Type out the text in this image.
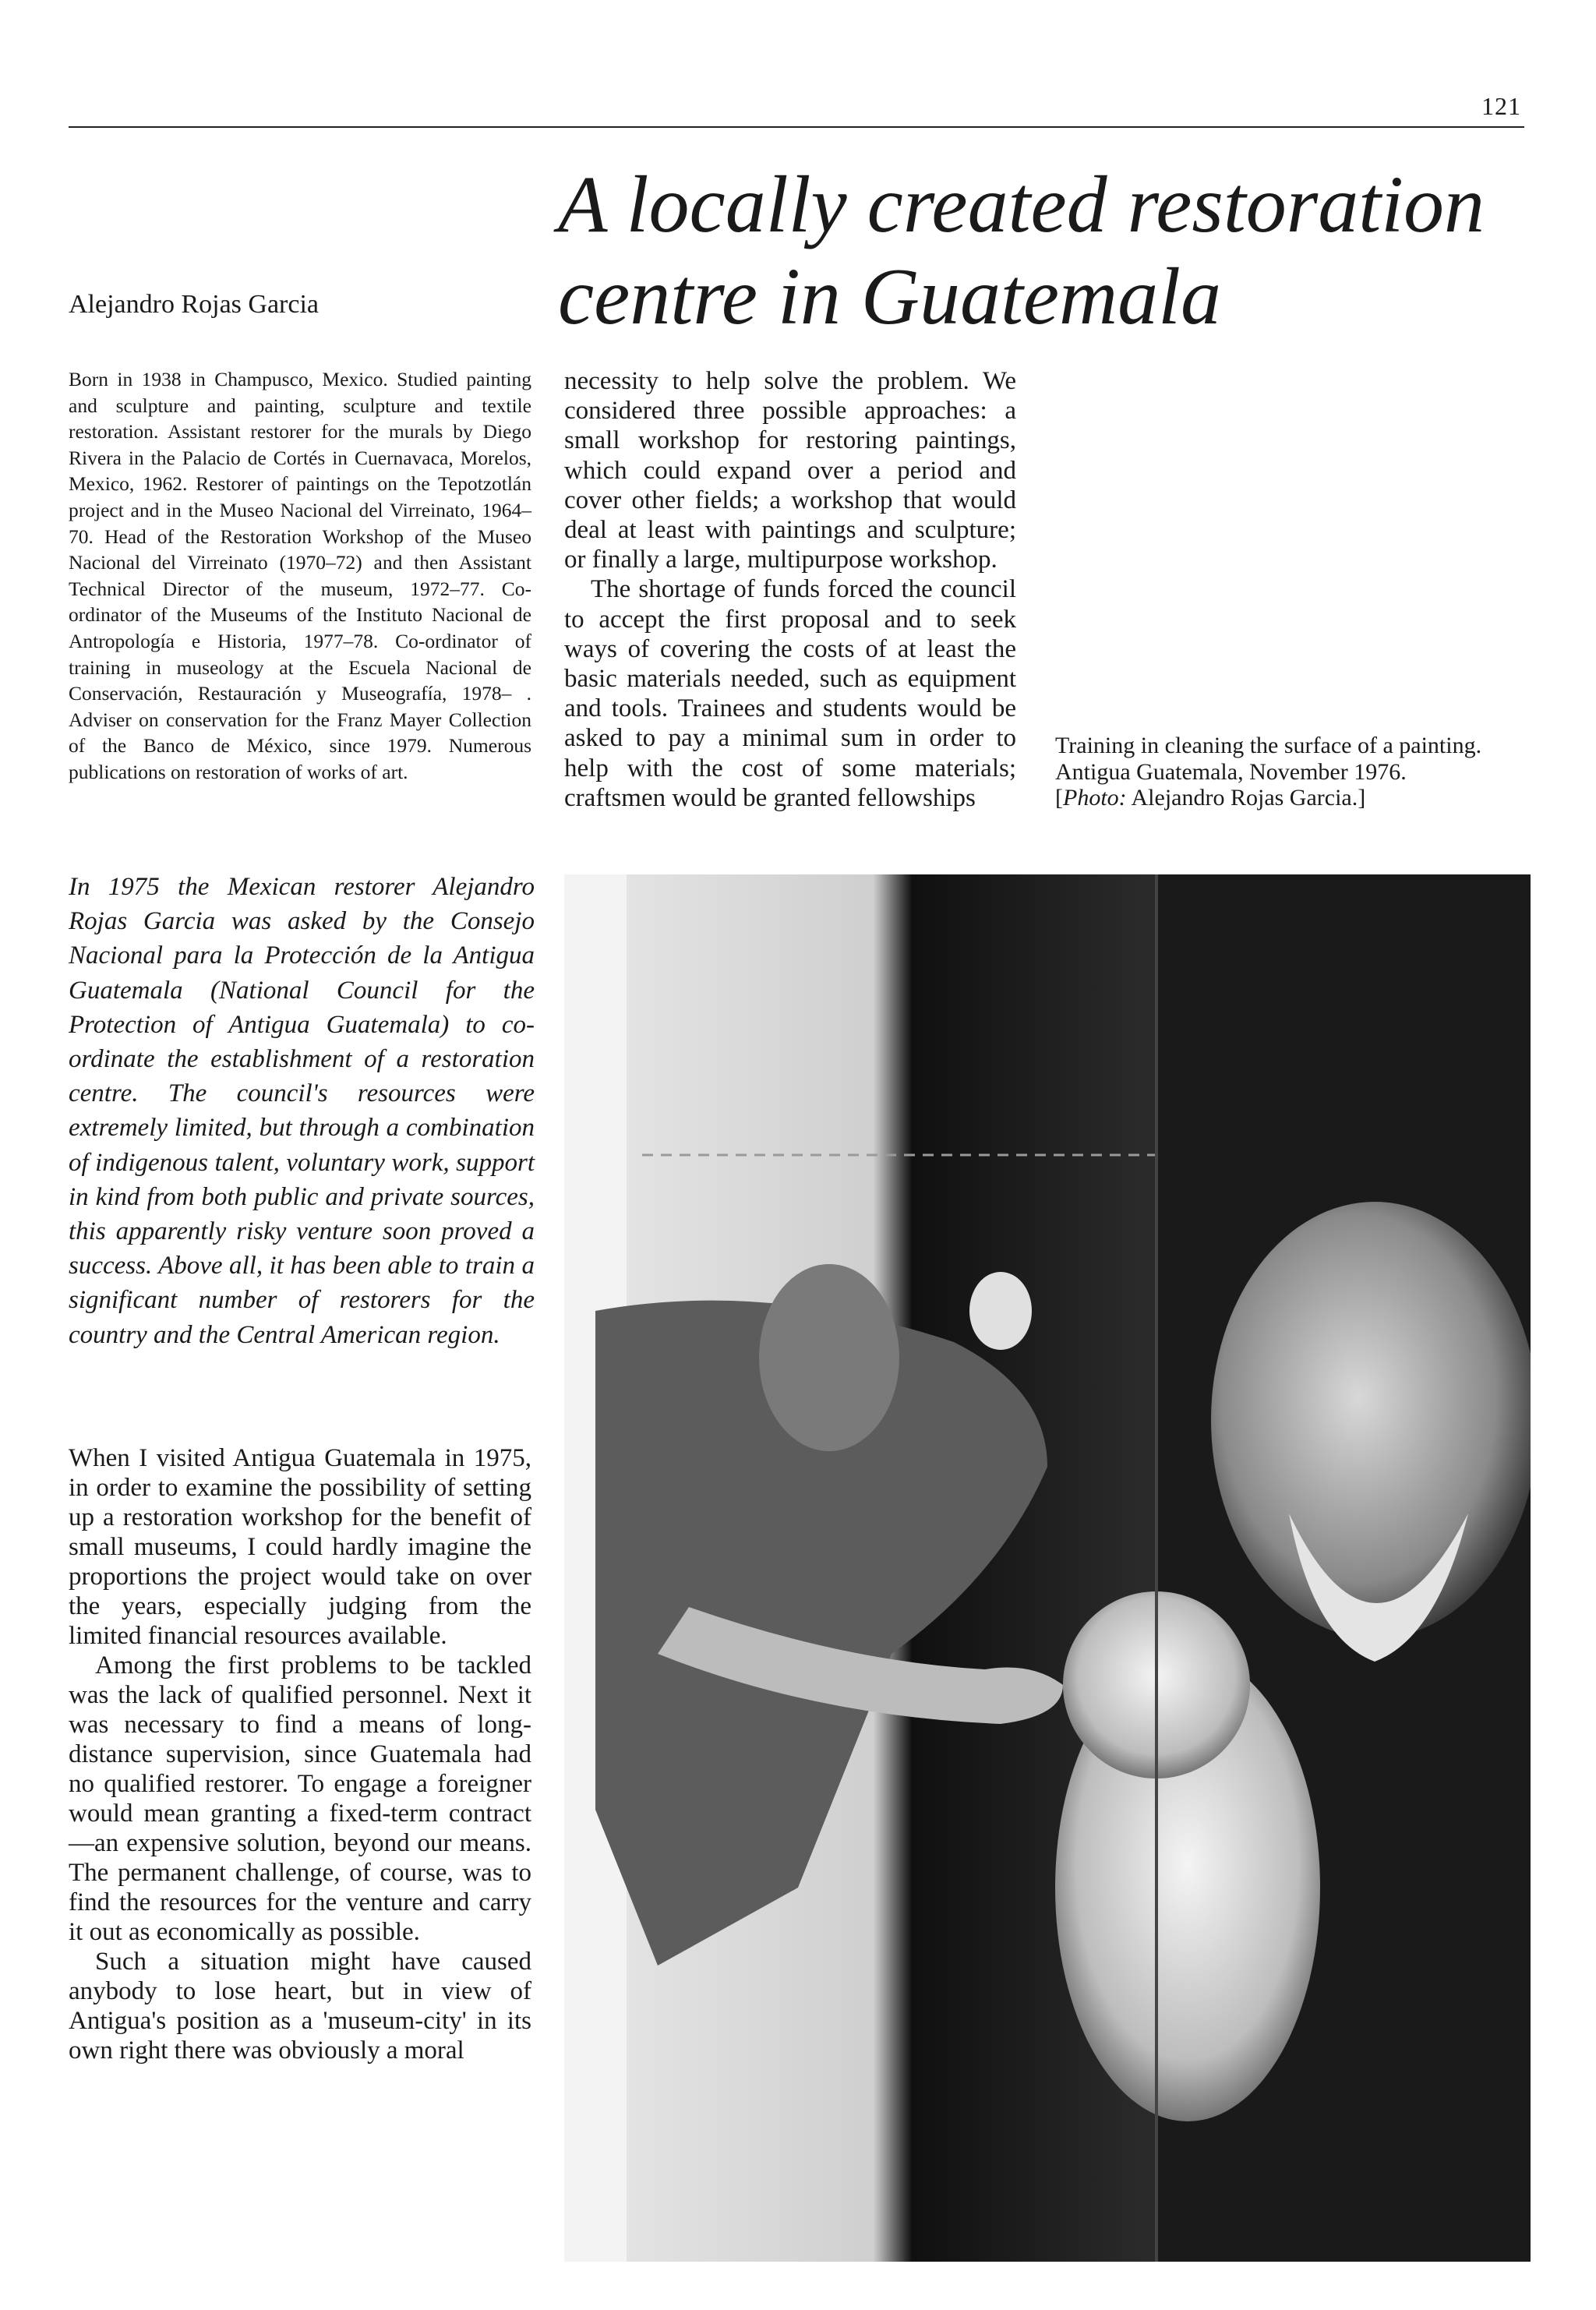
121
A locally created restoration
centre in Guatemala
Alejandro Rojas Garcia

Born in 1938 in Champusco, Mexico. Studied painting and sculpture and painting, sculpture and textile restoration. Assistant restorer for the murals by Diego Rivera in the Palacio de Cortés in Cuernavaca, Morelos, Mexico, 1962. Restorer of paintings on the Tepotzotlán project and in the Museo Nacional del Virreinato, 1964–70. Head of the Restoration Workshop of the Museo Nacional del Virreinato (1970–72) and then Assistant Technical Director of the museum, 1972–77. Co-ordinator of the Museums of the Instituto Nacional de Antropología e Historia, 1977–78. Co-ordinator of training in museology at the Escuela Nacional de Conservación, Restauración y Museografía, 1978– . Adviser on conservation for the Franz Mayer Collection of the Banco de México, since 1979. Numerous publications on restoration of works of art.

In 1975 the Mexican restorer Alejandro Rojas Garcia was asked by the Consejo Nacional para la Protección de la Antigua Guatemala (National Council for the Protection of Antigua Guatemala) to co-ordinate the establishment of a restoration centre. The council's resources were extremely limited, but through a combination of indigenous talent, voluntary work, support in kind from both public and private sources, this apparently risky venture soon proved a success. Above all, it has been able to train a significant number of restorers for the country and the Central American region.

When I visited Antigua Guatemala in 1975, in order to examine the possibility of setting up a restoration workshop for the benefit of small museums, I could hardly imagine the proportions the project would take on over the years, especially judging from the limited financial resources available.

Among the first problems to be tackled was the lack of qualified personnel. Next it was necessary to find a means of long-distance supervision, since Guatemala had no qualified restorer. To engage a foreigner would mean granting a fixed-term contract—an expensive solution, beyond our means. The permanent challenge, of course, was to find the resources for the venture and carry it out as economically as possible.

Such a situation might have caused anybody to lose heart, but in view of Antigua's position as a 'museum-city' in its own right there was obviously a moral

necessity to help solve the problem. We considered three possible approaches: a small workshop for restoring paintings, which could expand over a period and cover other fields; a workshop that would deal at least with paintings and sculpture; or finally a large, multipurpose workshop.

The shortage of funds forced the council to accept the first proposal and to seek ways of covering the costs of at least the basic materials needed, such as equipment and tools. Trainees and students would be asked to pay a minimal sum in order to help with the cost of some materials; craftsmen would be granted fellowships

Training in cleaning the surface of a painting. Antigua Guatemala, November 1976.
[Photo: Alejandro Rojas Garcia.]
